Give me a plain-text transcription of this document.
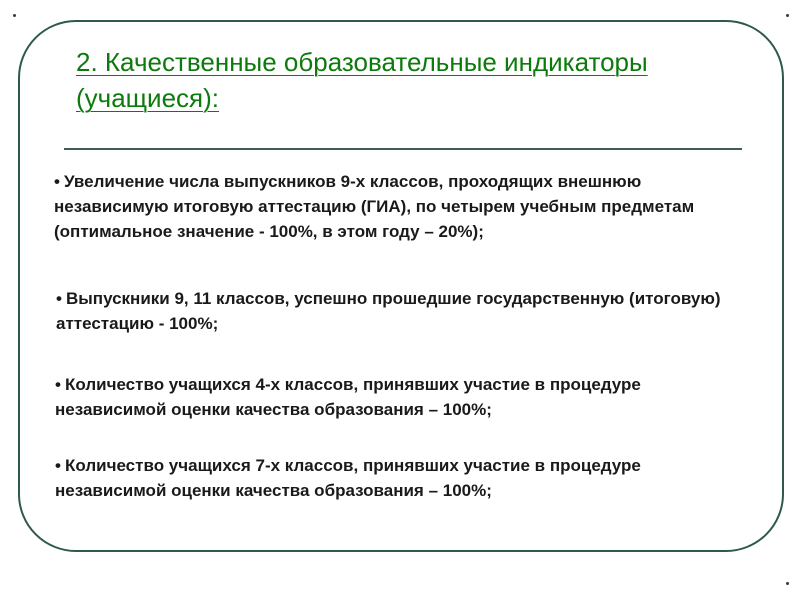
2. Качественные образовательные индикаторы (учащиеся):

• Увеличение числа выпускников 9-х классов, проходящих внешнюю независимую итоговую аттестацию (ГИА), по четырем учебным предметам (оптимальное значение - 100%, в этом году – 20%);

• Выпускники 9, 11 классов, успешно прошедшие государственную (итоговую) аттестацию - 100%;

• Количество учащихся 4-х классов, принявших участие в процедуре независимой оценки качества образования – 100%;

• Количество учащихся 7-х классов, принявших участие в процедуре независимой оценки качества образования – 100%;
